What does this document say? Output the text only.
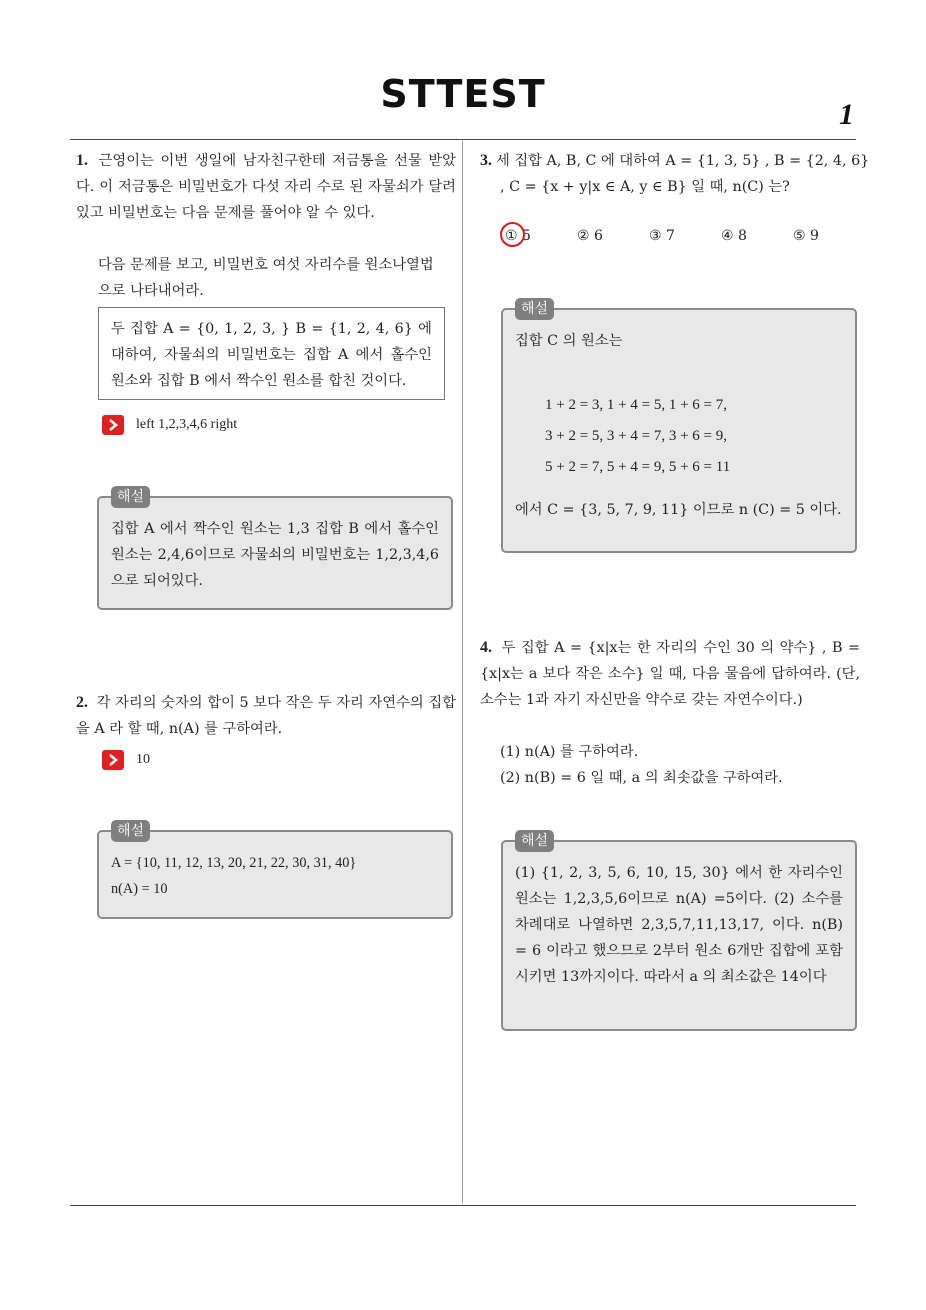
STTEST	1
1. 근영이는 이번 생일에 남자친구한테 저금통을 선물 받았다. 이 저금통은 비밀번호가 다섯 자리 수로 된 자물쇠가 달려있고 비밀번호는 다음 문제를 풀어야 알 수 있다.
다음 문제를 보고, 비밀번호 여섯 자리수를 원소나열법
으로 나타내어라.
두 집합 A = {0, 1, 2, 3, } B = {1, 2, 4, 6} 에 대하여, 자물쇠의 비밀번호는 집합 A 에서 홀수인 원소와 집합 B 에서 짝수인 원소를 합친 것이다.
left 1,2,3,4,6 right
해설
집합 A 에서 짝수인 원소는 1,3 집합 B 에서 홀수인 원소는 2,4,6이므로 자물쇠의 비밀번호는 1,2,3,4,6 으로 되어있다.
2. 각 자리의 숫자의 합이 5 보다 작은 두 자리 자연수의 집합을 A 라 할 때, n(A) 를 구하여라.
10
해설
A = {10, 11, 12, 13, 20, 21, 22, 30, 31, 40}
n(A) = 10
3. 세 집합 A, B, C 에 대하여 A = {1, 3, 5} , B = {2, 4, 6}
, C = {x + y|x ∈ A, y ∈ B} 일 때, n(C) 는?
① 5	② 6	③ 7	④ 8	⑤ 9
해설
집합 C 의 원소는
1 + 2 = 3, 1 + 4 = 5, 1 + 6 = 7,
3 + 2 = 5, 3 + 4 = 7, 3 + 6 = 9,
5 + 2 = 7, 5 + 4 = 9, 5 + 6 = 11
에서 C = {3, 5, 7, 9, 11} 이므로 n (C) = 5 이다.
4. 두 집합 A = {x|x는 한 자리의 수인 30 의 약수} , B = {x|x는 a 보다 작은 소수} 일 때, 다음 물음에 답하여라. (단, 소수는 1과 자기 자신만을 약수로 갖는 자연수이다.)
(1) n(A) 를 구하여라.
(2) n(B) = 6 일 때, a 의 최솟값을 구하여라.
해설
(1) {1, 2, 3, 5, 6, 10, 15, 30} 에서 한 자리수인 원소는 1,2,3,5,6이므로 n(A) =5이다. (2) 소수를 차례대로 나열하면 2,3,5,7,11,13,17, 이다. n(B) = 6 이라고 했으므로 2부터 원소 6개만 집합에 포함시키면 13까지이다. 따라서 a 의 최소값은 14이다
